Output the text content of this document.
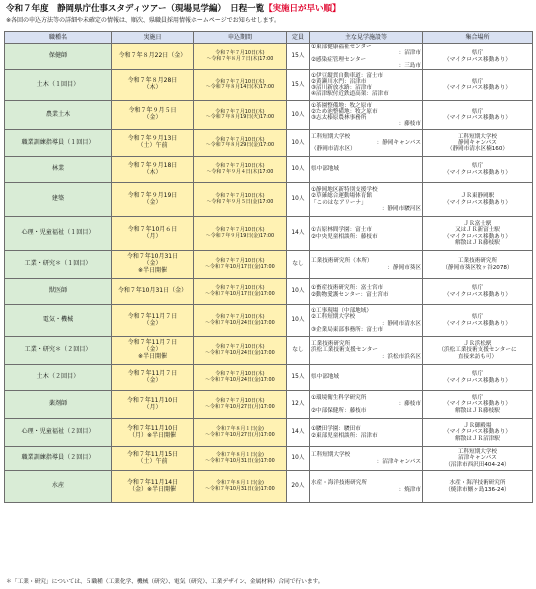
令和７年度　静岡県庁仕事スタディツアー（現場見学編）　日程一覧【実施日が早い順】
※各回の申込方法等の詳細や未確定の情報は、順次、県職員採用情報ホームページでお知らせします。
職種名	実施日	申込期間	定員	主な見学施設等	集合場所
保健師	令和７年８月22日（金）	令和７年７月10日(木)
～令和７年８月７日(木)17:00	15人	①東部健康福祉センター
：沼津市
②感染症管理センター
：三島市	県庁
（マイクロバス移動あり）

土木（１回目）	令和７年８月28日
（木）	令和７年７月10日(木)
～令和７年８月14日(木)17:00	15人	①伊豆縦貫自動車道：富士市
②黄瀬川水門：沼津市
③沼川新放水路：沼津市
④沼津駅付近鉄道高架：沼津市	県庁
（マイクロバス移動あり）

農業土木	令和７年９月５日
（金）	令和７年７月10日(木)
～令和７年８月19日(火)17:00	10人	①茶園整備地：牧之原市
②ため池整備地：牧之原市
③志太榛原農林事務所
：藤枝市	県庁
（マイクロバス移動あり）

職業訓練指導員（１回目）	令和７年９月13日
（土）午前	令和７年７月10日(木)
～令和７年８月29日(金)17:00	10人	工科短期大学校
：静岡キャンパス
（静岡市清水区）	工科短期大学校
静岡キャンパス
（静岡市清水区楠160）

林業	令和７年９月18日
（木）	令和７年７月10日(木)
～令和７年９月４日(木)17:00	10人	県中部地域	県庁
（マイクロバス移動あり）

建築	令和７年９月19日
（金）	令和７年７月10日(木)
～令和７年９月５日(金)17:00	10人	①静岡地区新特別支援学校
②草薙総合運動場体育館
「このはなアリーナ」
：静岡市駿河区	ＪＲ東静岡駅
（マイクロバス移動あり）

心理・児童福祉（１回目）	令和７年10月６日
（月）	令和７年７月10日(木)
～令和７年９月19日(金)17:00	14人	①吉原林間学園：富士市
②中央児童相談所：藤枝市	ＪＲ富士駅
又はＪＲ新富士駅
（マイクロバス移動あり）
解散はＪＲ藤枝駅

工業・研究＊（１回目）	令和７年10月31日
（金）
※半日開催	令和７年７月10日(木)
～令和７年10月17日(金)17:00	なし	工業技術研究所（本所）
：静岡市葵区	工業技術研究所
（静岡市葵区牧ヶ谷2078）

獣医師	令和７年10月31日（金）	令和７年７月10日(木)
～令和７年10月17日(金)17:00	10人	①畜産技術研究所：富士宮市
②動物愛護センター：富士宮市	県庁
（マイクロバス移動あり）

電気・機械	令和７年11月７日
（金）	令和７年７月10日(木)
～令和７年10月24日(金)17:00	10人	①工事現場（中部地域）
②工科短期大学校
：静岡市清水区
③企業局東部事務所：富士市	県庁
（マイクロバス移動あり）

工業・研究＊（２回目）	令和７年11月７日
（金）
※半日開催	令和７年７月10日(木)
～令和７年10月24日(金)17:00	なし	工業技術研究所
浜松工業技術支援センター
：浜松市浜名区	ＪＲ浜松駅
（浜松工業技術支援センターに
直接来訪も可）

土木（２回目）	令和７年11月７日
（金）	令和７年７月10日(木)
～令和７年10月24日(金)17:00	15人	県中部地域	県庁
（マイクロバス移動あり）

薬剤師	令和７年11月10日
（月）	令和７年７月10日(木)
～令和７年10月27日(月)17:00	12人	①環境衛生科学研究所
：藤枝市
②中部保健所：藤枝市	県庁
（マイクロバス移動あり）
解散はＪＲ藤枝駅

心理・児童福祉（２回目）	令和７年11月10日
（月）※半日開催	令和７年８月１日(金)
～令和７年10月27日(月)17:00	14人	①駿田学園：駿田市
②東部児童相談所：沼津市	ＪＲ御殿場
（マイクロバス移動あり）
解散はＪＲ沼津駅

職業訓練指導員（２回目）	令和７年11月15日
（土）午前	令和７年８月１日(金)
～令和７年10月31日(金)17:00	10人	工科短期大学校
：沼津キャンパス	工科短期大学校
沼津キャンパス
（沼津市西沢田404-24）

水産	令和７年11月14日
（金）※半日開催	令和７年８月１日(金)
～令和７年10月31日(金)17:00	20人	水産・海洋技術研究所
：焼津市	水産・海洋技術研究所
（焼津市鰯ヶ島136-24）
＊「工業・研究」については、５職種（工業化学、機械（研究）、電気（研究）、工業デザイン、金属材料）合同で行います。
